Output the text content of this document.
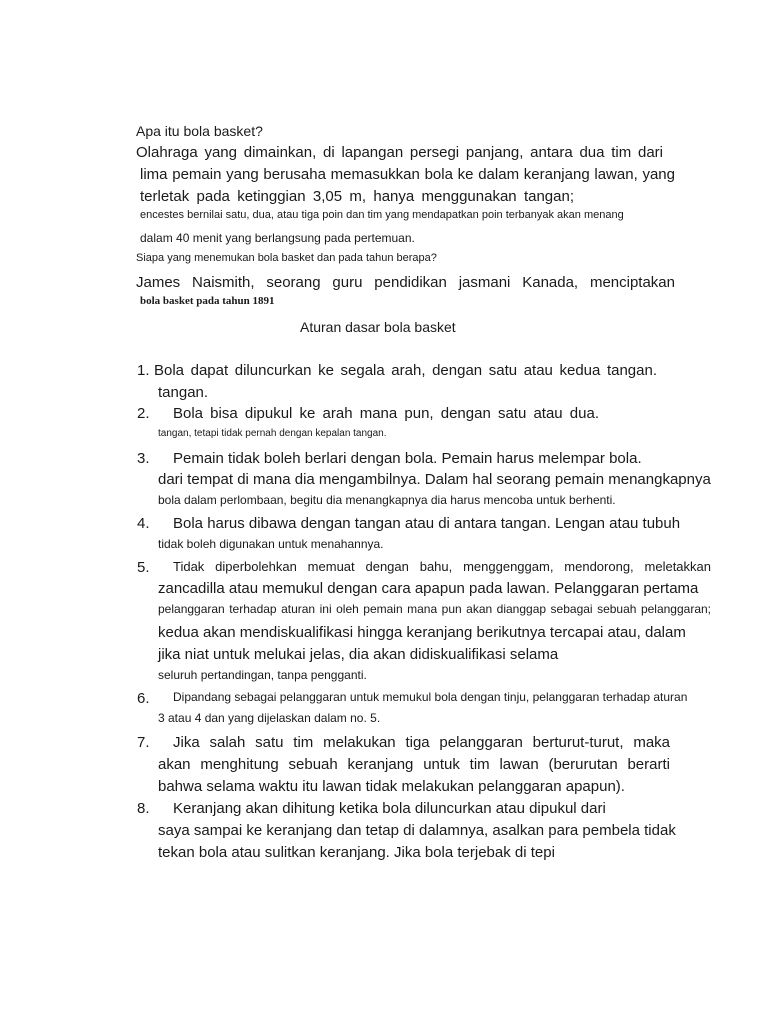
Apa itu bola basket?

Olahraga yang dimainkan, di lapangan persegi panjang, antara dua tim dari

lima pemain yang berusaha memasukkan bola ke dalam keranjang lawan, yang

terletak pada ketinggian 3,05 m, hanya menggunakan tangan;

encestes bernilai satu, dua, atau tiga poin dan tim yang mendapatkan poin terbanyak akan menang

dalam 40 menit yang berlangsung pada pertemuan.

Siapa yang menemukan bola basket dan pada tahun berapa?

James Naismith, seorang guru pendidikan jasmani Kanada, menciptakan

bola basket pada tahun 1891

Aturan dasar bola basket

1. Bola dapat diluncurkan ke segala arah, dengan satu atau kedua tangan.

tangan.

2. Bola bisa dipukul ke arah mana pun, dengan satu atau dua.

tangan, tetapi tidak pernah dengan kepalan tangan.

3. Pemain tidak boleh berlari dengan bola. Pemain harus melempar bola.

dari tempat di mana dia mengambilnya. Dalam hal seorang pemain menangkapnya

bola dalam perlombaan, begitu dia menangkapnya dia harus mencoba untuk berhenti.

4. Bola harus dibawa dengan tangan atau di antara tangan. Lengan atau tubuh

tidak boleh digunakan untuk menahannya.

5. Tidak diperbolehkan memuat dengan bahu, menggenggam, mendorong, meletakkan

zancadilla atau memukul dengan cara apapun pada lawan. Pelanggaran pertama

pelanggaran terhadap aturan ini oleh pemain mana pun akan dianggap sebagai sebuah pelanggaran;

kedua akan mendiskualifikasi hingga keranjang berikutnya tercapai atau, dalam

jika niat untuk melukai jelas, dia akan didiskualifikasi selama

seluruh pertandingan, tanpa pengganti.

6. Dipandang sebagai pelanggaran untuk memukul bola dengan tinju, pelanggaran terhadap aturan

3 atau 4 dan yang dijelaskan dalam no. 5.

7. Jika salah satu tim melakukan tiga pelanggaran berturut-turut, maka

akan menghitung sebuah keranjang untuk tim lawan (berurutan berarti

bahwa selama waktu itu lawan tidak melakukan pelanggaran apapun).

8. Keranjang akan dihitung ketika bola diluncurkan atau dipukul dari

saya sampai ke keranjang dan tetap di dalamnya, asalkan para pembela tidak

tekan bola atau sulitkan keranjang. Jika bola terjebak di tepi
